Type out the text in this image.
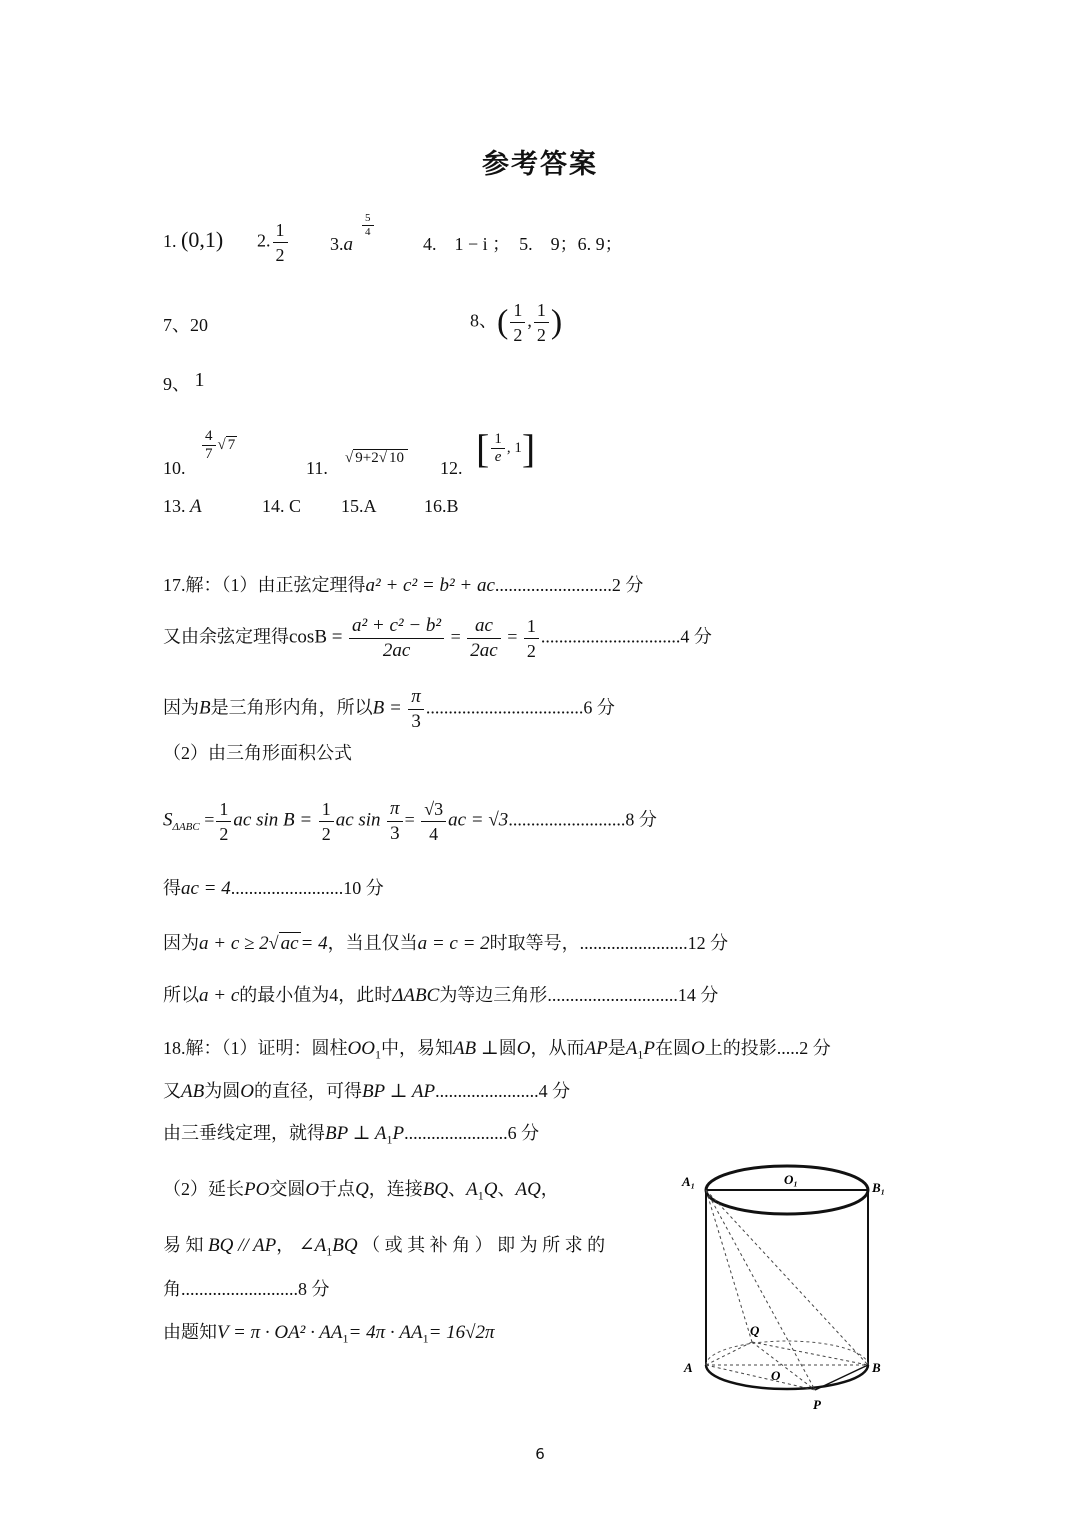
参考答案
1. (0,1) 2. $\frac{1}{2} 3.a$
$\frac{5}{4}$
4.　1 − i ；　5.　9；6. 9；
7、20	8、( $\frac{1}{2}$ , $\frac{1}{2}$ )
9、 1
10.
$\frac{4}{7}$ √ 7
11. √ 9+2√ 10 12. [ $\frac{1}{e}$ , 1]
13. A	14. C 15.A	16.B
17.解：（1）由正弦定理得a² + c² = b² + ac..........................2 分
又由余弦定理得$\cos B = \frac{\text{a² + c² − b²}}{2ac} = \frac{ac}{2ac} = \frac{1}{2} ...............................4$ 分
因为B是三角形内角，所以$B = \frac{\pi}{3} ...................................6$ 分
（2）由三角形面积公式
$S_{\Delta ABC} = \frac{1}{2}$ ac $\sin B = \frac{1}{2}$ ac $\sin \frac{\pi}{3} = \frac{√3}{4}$ ac = √3..........................8 分
得ac = 4.........................10 分
因为a + c ≥ 2√ ac = 4，当且仅当a = c = 2时取等号，........................12 分
所以a + c的最小值为4，此时ΔABC为等边三角形.............................14 分
18.解：（1）证明：圆柱$OO_1$中，易知AB ⊥圆O，从而AP是$A_1P$在圆O上的投影.....2 分
又AB为圆O的直径，可得BP ⊥ AP.......................4 分
由三垂线定理，就得BP ⊥ $A_1P.......................6$ 分
（2）延长PO交圆O于点Q，连接BQ、$A_1Q$、AQ，
易 知 BQ // AP， $\angle A_1BQ$ （ 或 其 补 角 ） 即 为 所 求 的
角..........................8 分
由题知$V = \pi \cdot OA^2 \cdot AA_1= 4\pi \cdot AA_1= 16√2\pi$
A₁	O₁
B₁
Q
A
O
B
P
6
